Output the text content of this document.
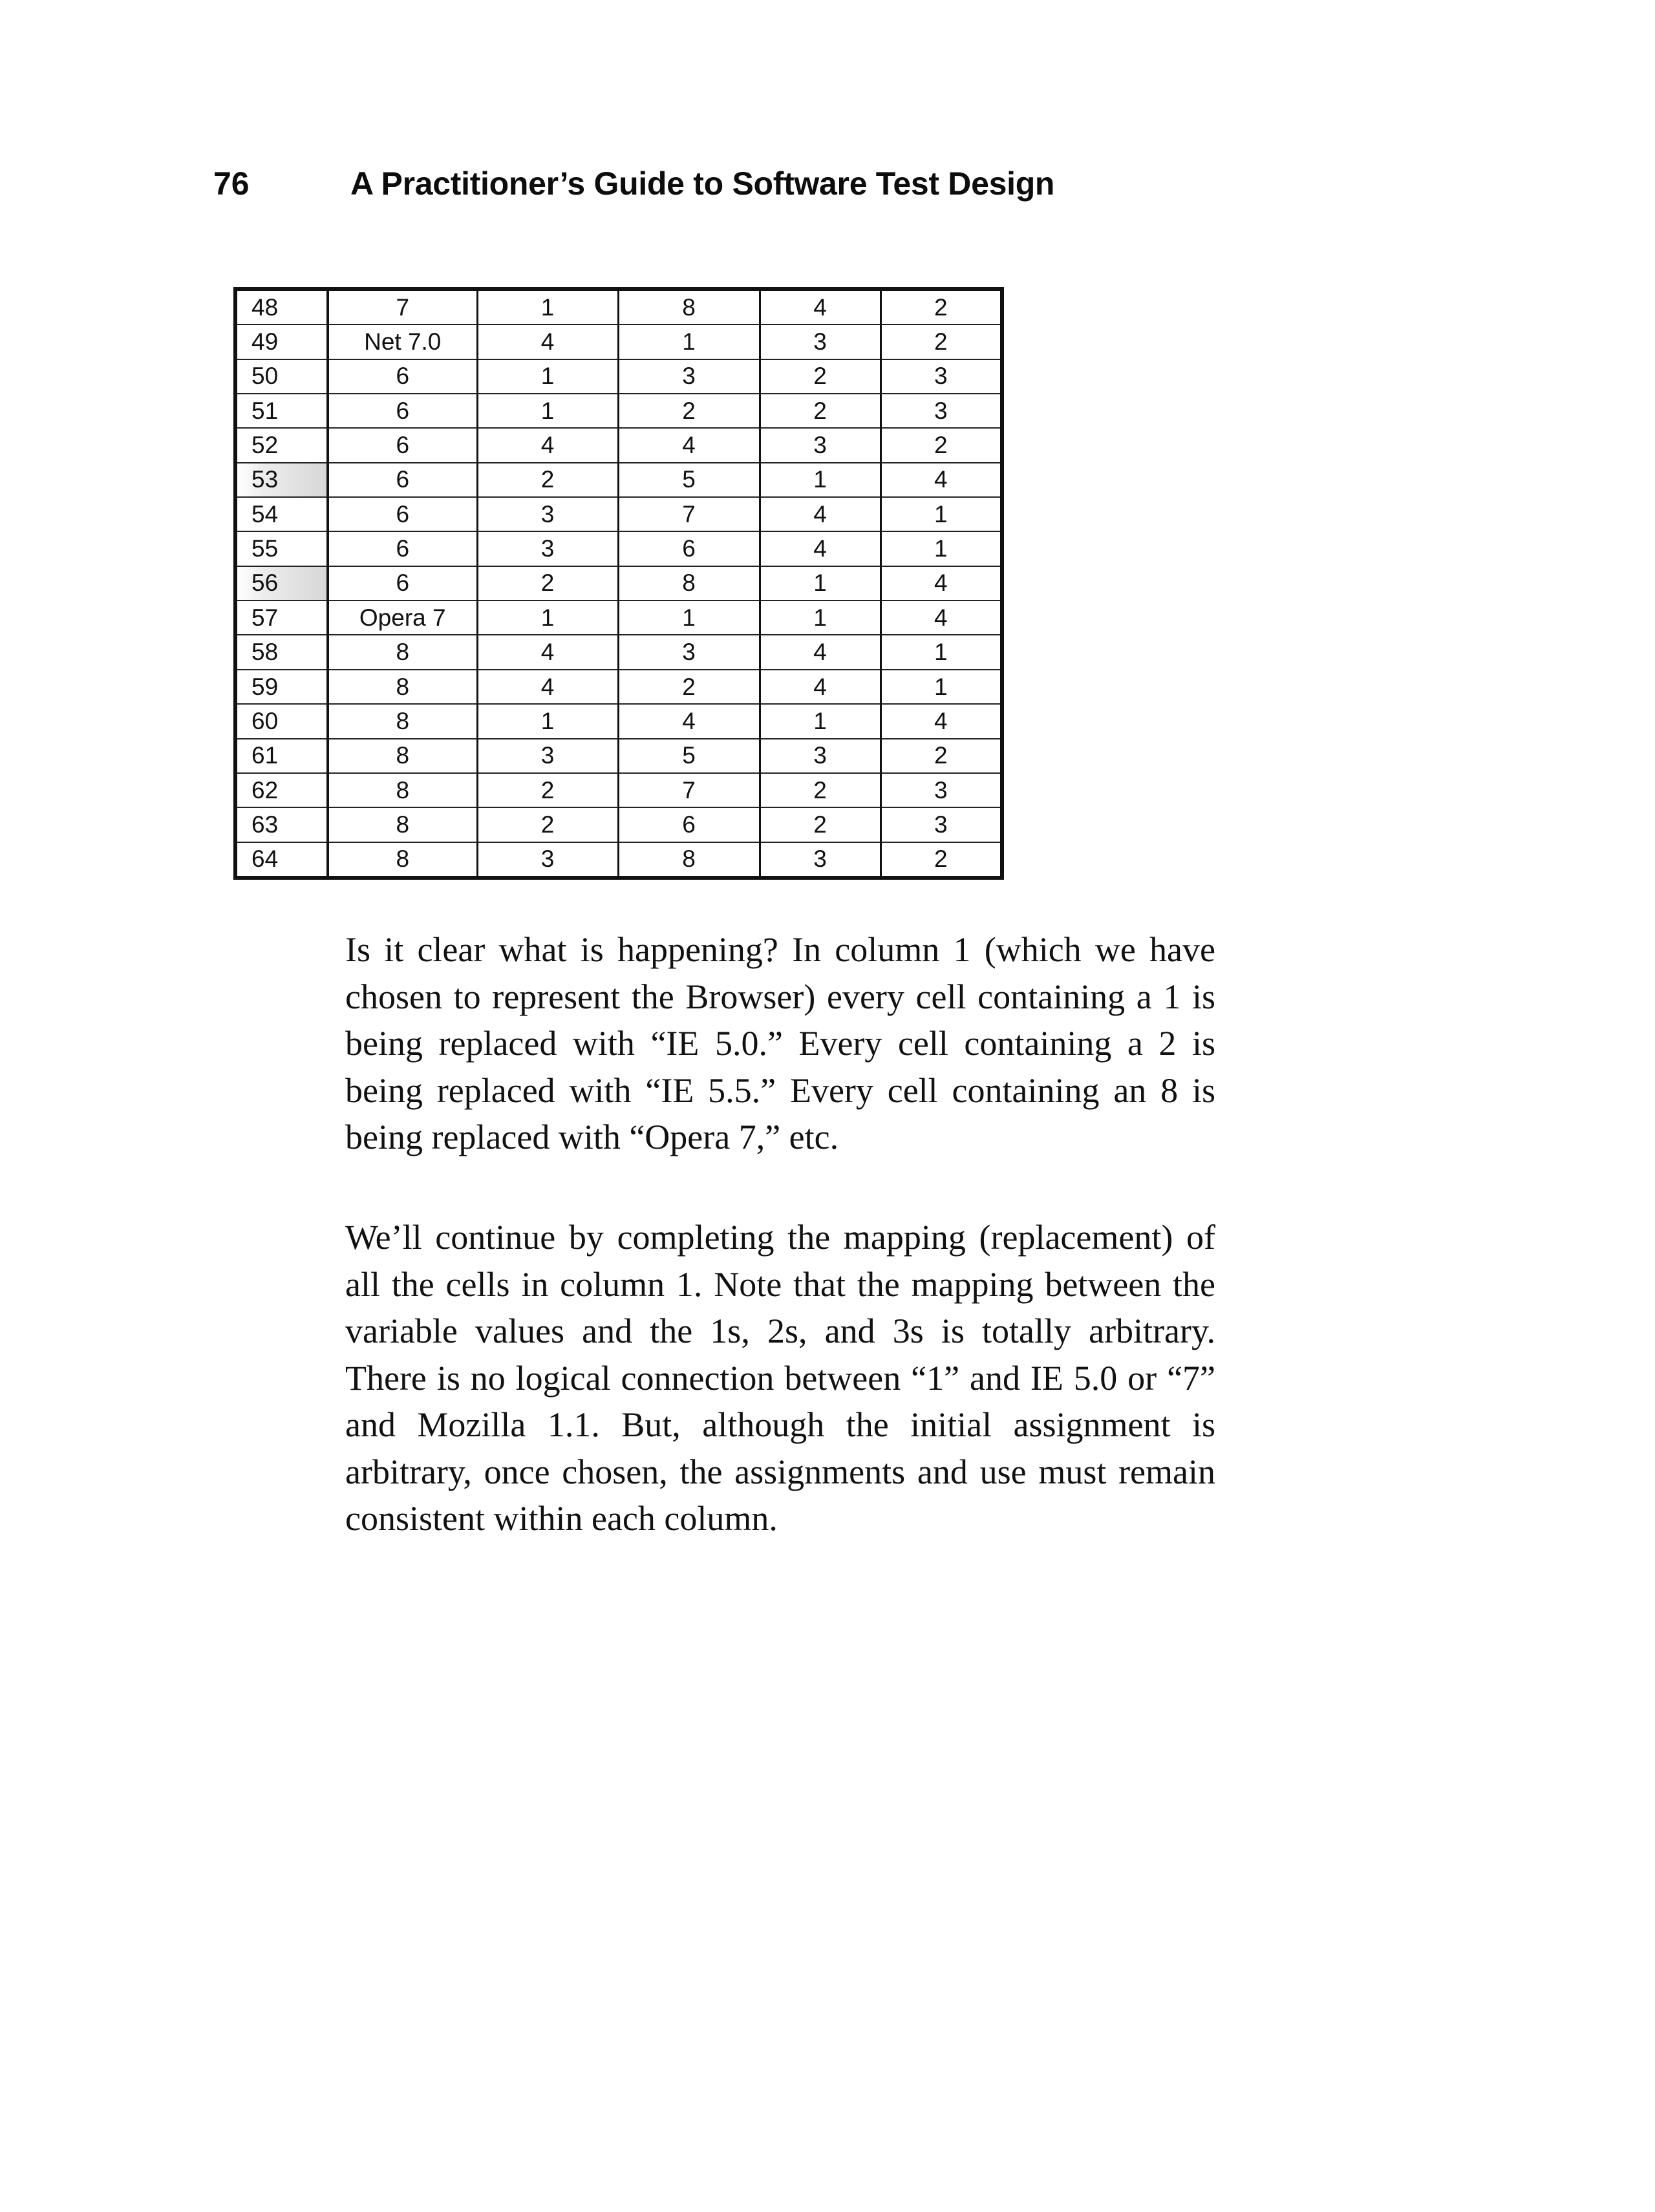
76	A Practitioner’s Guide to Software Test Design
48	7	1	8	4	2
49	Net 7.0	4	1	3	2
50	6	1	3	2	3
51	6	1	2	2	3
52	6	4	4	3	2
53	6	2	5	1	4
54	6	3	7	4	1
55	6	3	6	4	1
56	6	2	8	1	4
57	Opera 7	1	1	1	4
58	8	4	3	4	1
59	8	4	2	4	1
60	8	1	4	1	4
61	8	3	5	3	2
62	8	2	7	2	3
63	8	2	6	2	3
64	8	3	8	3	2

Is it clear what is happening? In column 1 (which we have chosen to represent the Browser) every cell containing a 1 is being replaced with “IE 5.0.” Every cell containing a 2 is being replaced with “IE 5.5.” Every cell containing an 8 is being replaced with “Opera 7,” etc.

We’ll continue by completing the mapping (replacement) of all the cells in column 1. Note that the mapping between the variable values and the 1s, 2s, and 3s is totally arbitrary. There is no logical connection between “1” and IE 5.0 or “7” and Mozilla 1.1. But, although the initial assignment is arbitrary, once chosen, the assignments and use must remain consistent within each column.
